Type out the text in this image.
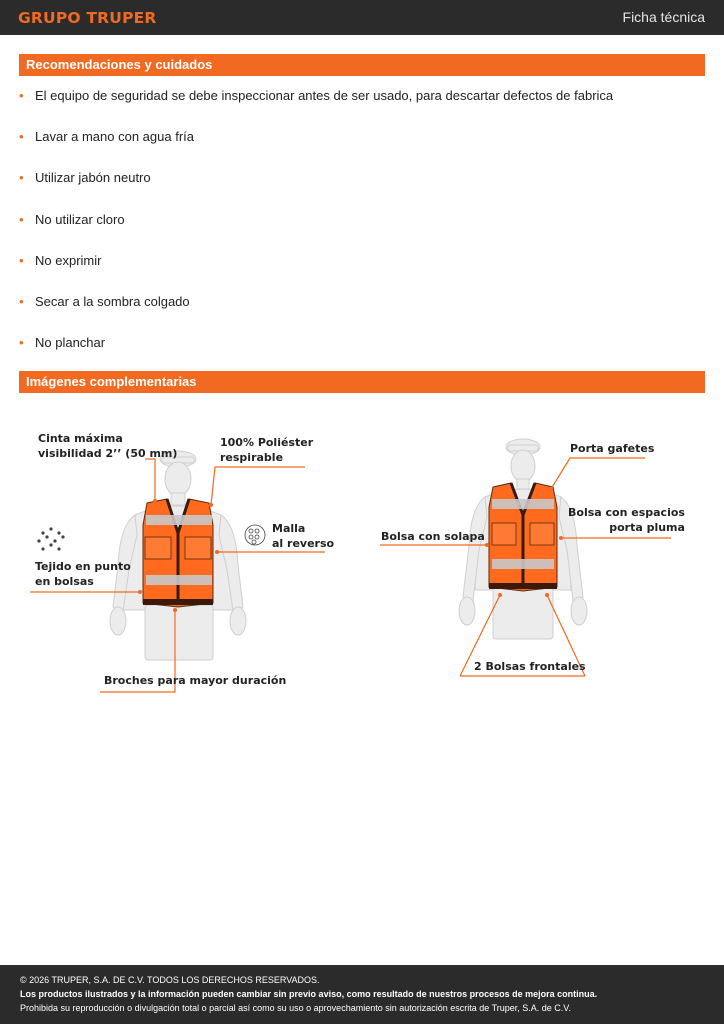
GRUPO TRUPER	Ficha técnica
Recomendaciones y cuidados
• El equipo de seguridad se debe inspeccionar antes de ser usado, para descartar defectos de fabrica
• Lavar a mano con agua fría
• Utilizar jabón neutro
• No utilizar cloro
• No exprimir
• Secar a la sombra colgado
• No planchar
Imágenes complementarias
Cinta máxima
visibilidad 2’’ (50 mm)
100% Poliéster
respirable
Malla
al reverso
Tejido en punto
en bolsas
Broches para mayor duración
Porta gafetes
Bolsa con espacios
porta pluma
Bolsa con solapa
2 Bolsas frontales
© 2026 TRUPER, S.A. DE C.V. TODOS LOS DERECHOS RESERVADOS.
Los productos ilustrados y la información pueden cambiar sin previo aviso, como resultado de nuestros procesos de mejora continua.
Prohibida su reproducción o divulgación total o parcial así como su uso o aprovechamiento sin autorización escrita de Truper, S.A. de C.V.
